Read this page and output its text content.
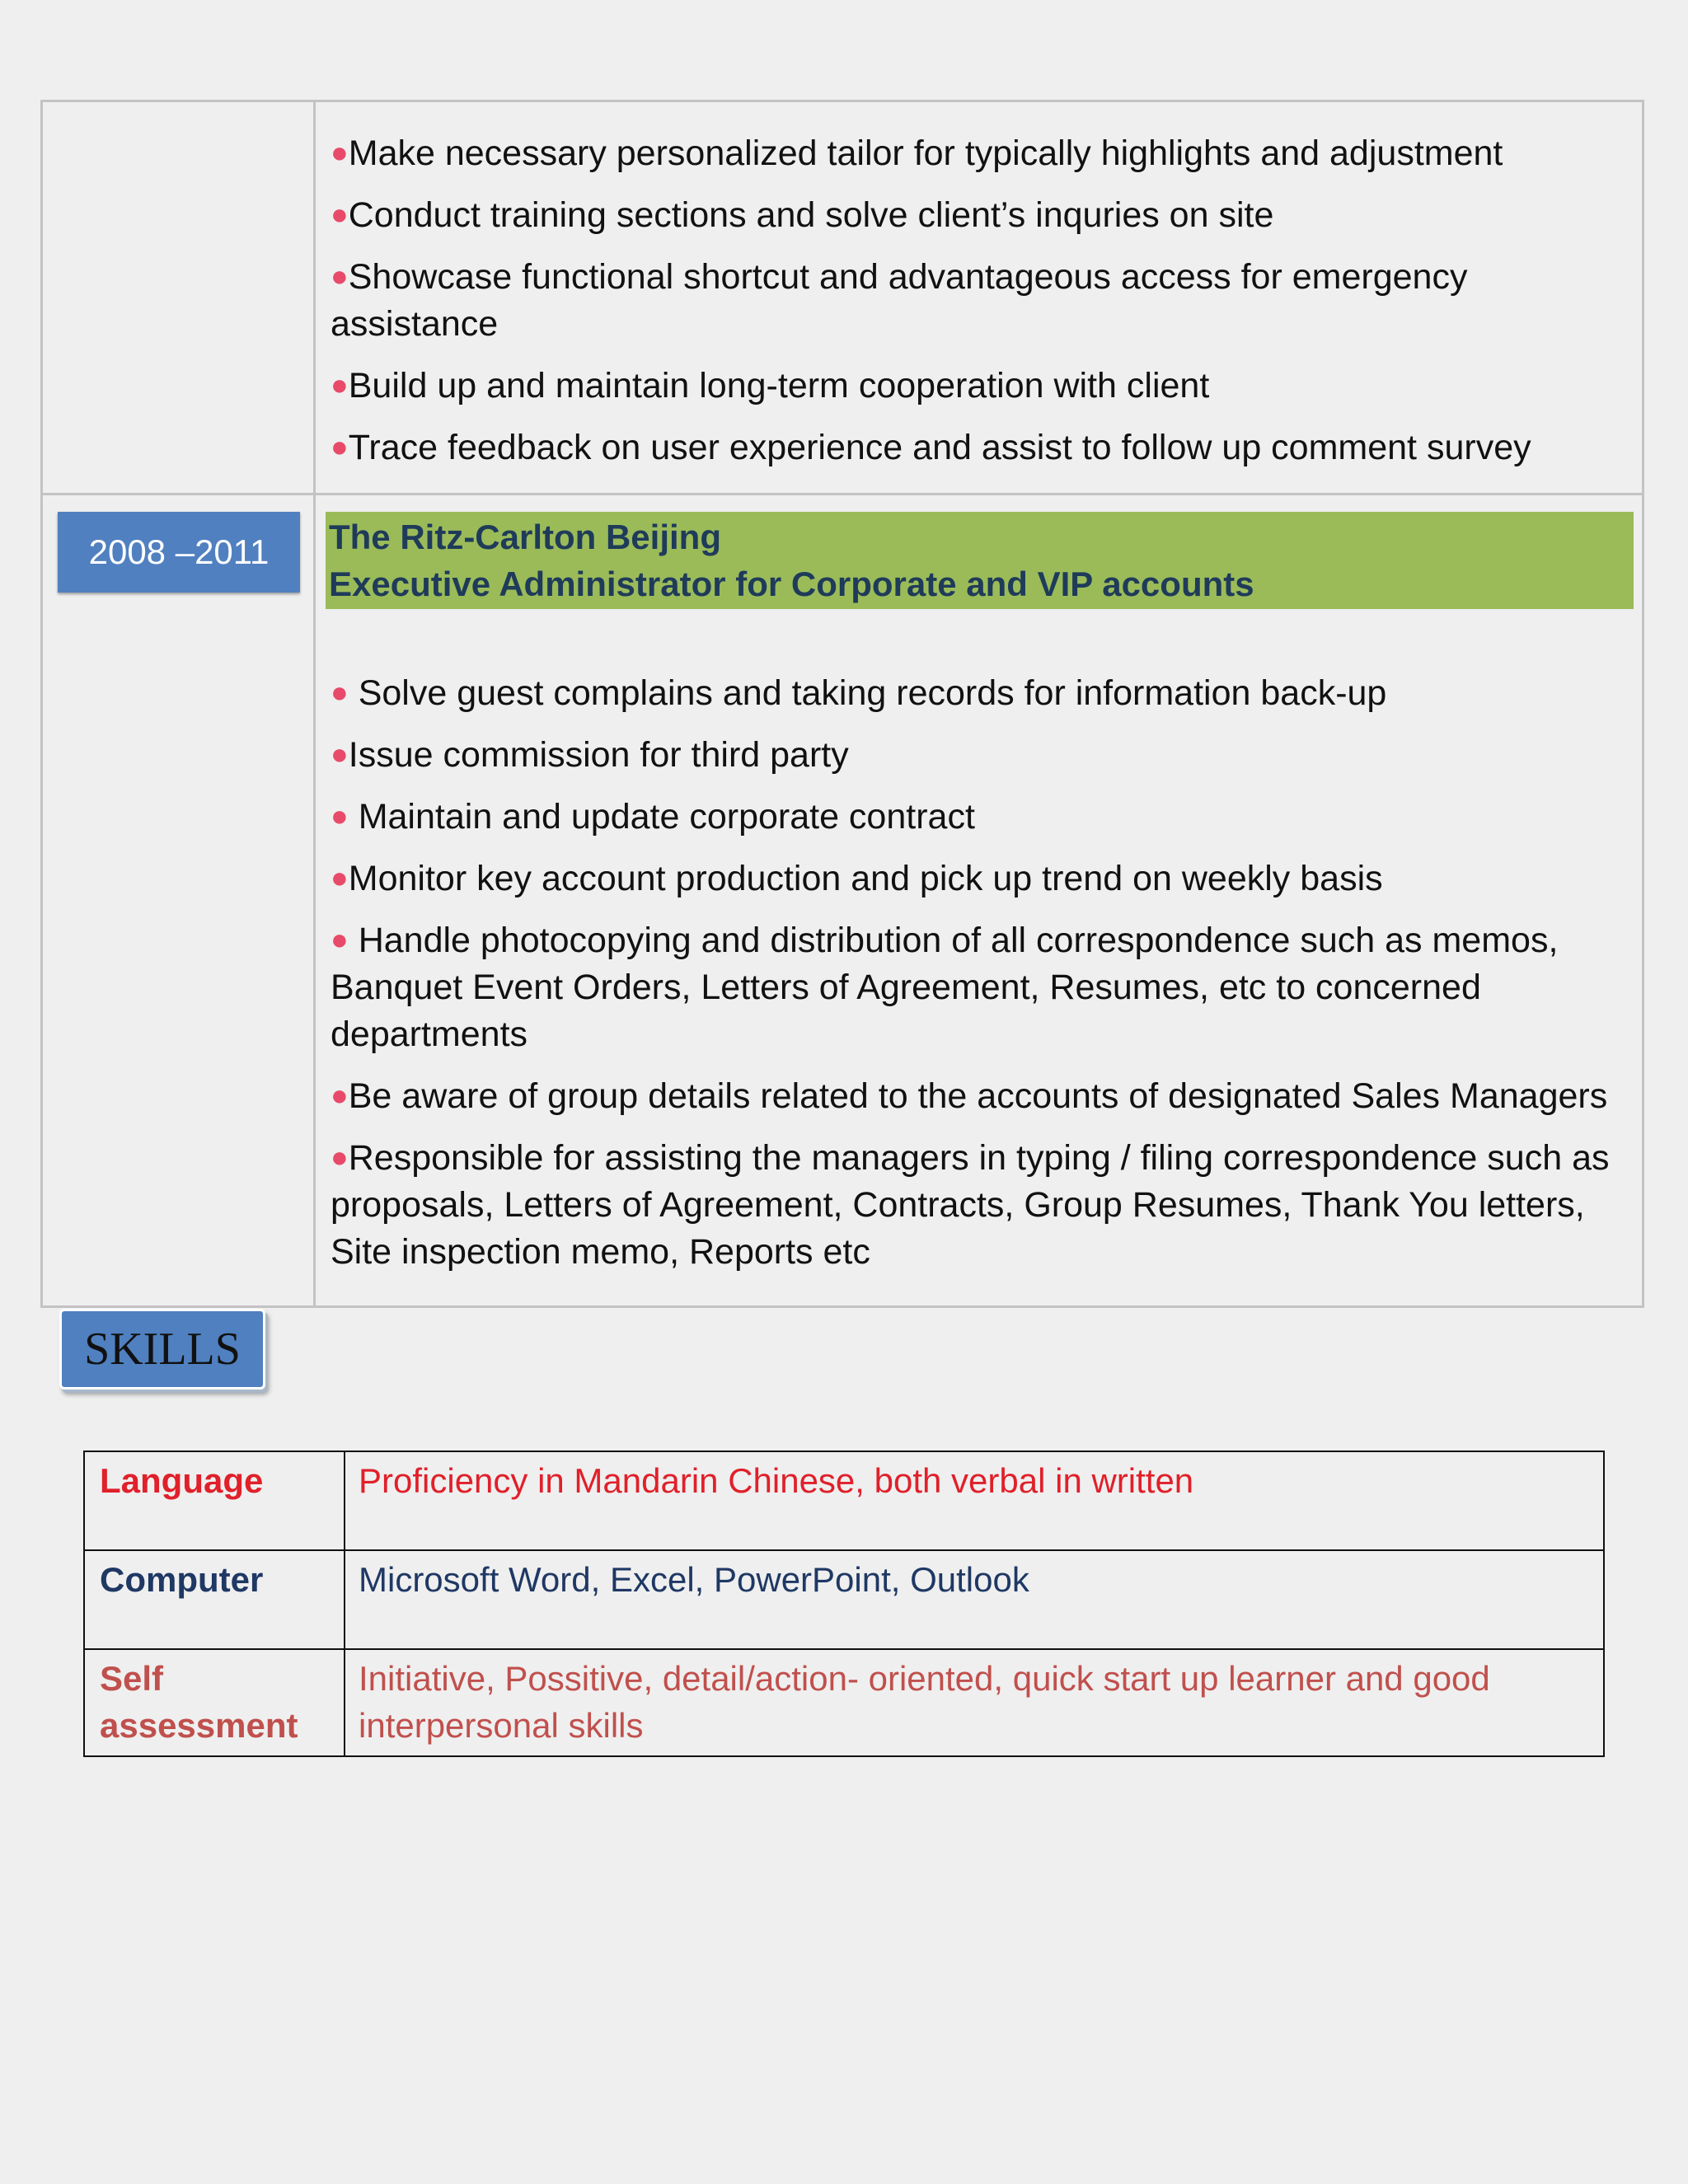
●Make necessary personalized tailor for typically highlights and adjustment

●Conduct training sections and solve client’s inquries on site

●Showcase functional shortcut and advantageous access for emergency assistance

●Build up and maintain long-term cooperation with client

●Trace feedback on user experience and assist to follow up comment survey

2008 –2011	The Ritz-Carlton Beijing
Executive Administrator for Corporate and VIP accounts

● Solve guest complains and taking records for information back-up

●Issue commission for third party

● Maintain and update corporate contract

●Monitor key account production and pick up trend on weekly basis

● Handle photocopying and distribution of all correspondence such as memos, Banquet Event Orders, Letters of Agreement, Resumes, etc to concerned departments

●Be aware of group details related to the accounts of designated Sales Managers

●Responsible for assisting the managers in typing / filing correspondence such as proposals, Letters of Agreement, Contracts, Group Resumes, Thank You letters, Site inspection memo, Reports etc

SKILLS
Language	Proficiency in Mandarin Chinese, both verbal in written
Computer	Microsoft Word, Excel, PowerPoint, Outlook
Self assessment	Initiative, Possitive, detail/action- oriented, quick start up learner and good interpersonal skills
